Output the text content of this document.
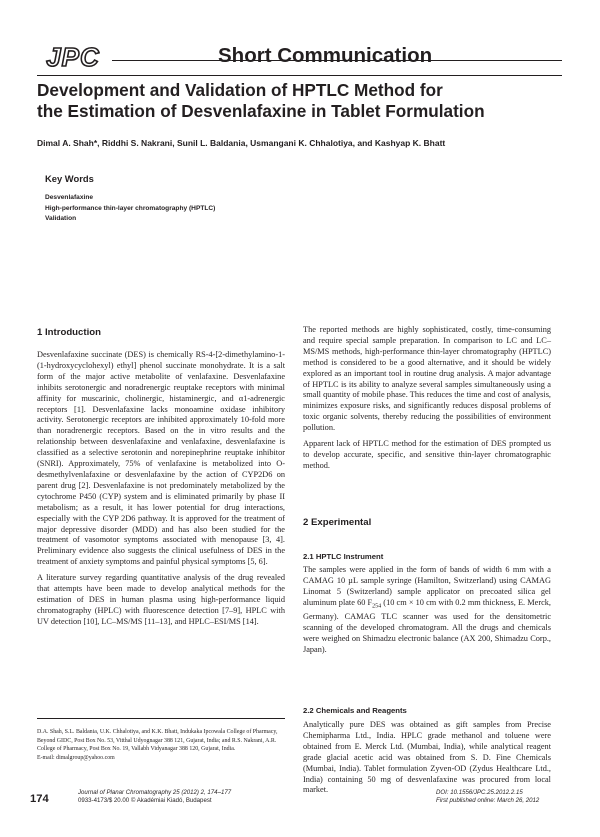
JPC	Short Communication
Development and Validation of HPTLC Method for
the Estimation of Desvenlafaxine in Tablet Formulation
Dimal A. Shah*, Riddhi S. Nakrani, Sunil L. Baldania, Usmangani K. Chhalotiya, and Kashyap K. Bhatt
Key Words
Desvenlafaxine
High-performance thin-layer chromatography (HPTLC)
Validation
1 Introduction

Desvenlafaxine succinate (DES) is chemically RS-4-[2-dimethylamino-1-(1-hydroxycyclohexyl) ethyl] phenol succinate monohydrate. It is a salt form of the major active metabolite of venlafaxine. Desvenlafaxine inhibits serotonergic and noradrenergic reuptake receptors with minimal affinity for muscarinic, cholinergic, histaminergic, and α1-adrenergic receptors [1]. Desvenlafaxine lacks monoamine oxidase inhibitory activity. Serotonergic receptors are inhibited approximately 10-fold more than noradrenergic receptors. Based on the in vitro results and the relationship between desvenlafaxine and venlafaxine, desvenlafaxine is classified as a selective serotonin and norepinephrine reuptake inhibitor (SNRI). Approximately, 75% of venlafaxine is metabolized into O-desmethylvenlafaxine or desvenlafaxine by the action of CYP2D6 on parent drug [2]. Desvenlafaxine is not predominately metabolized by the cytochrome P450 (CYP) system and is eliminated primarily by phase II metabolism; as a result, it has lower potential for drug interactions, especially with the CYP 2D6 pathway. It is approved for the treatment of major depressive disorder (MDD) and has also been studied for the treatment of vasomotor symptoms associated with menopause [3, 4]. Preliminary evidence also suggests the clinical usefulness of DES in the treatment of anxiety symptoms and painful physical symptoms [5, 6].

A literature survey regarding quantitative analysis of the drug revealed that attempts have been made to develop analytical methods for the estimation of DES in human plasma using high-performance liquid chromatography (HPLC) with fluorescence detection [7–9], HPLC with UV detection [10], LC–MS/MS [11–13], and HPLC–ESI/MS [14].

D.A. Shah, S.L. Baldania, U.K. Chhalotiya, and K.K. Bhatt, Indukaka Ipcowala College of Pharmacy, Beyond GIDC, Post Box No. 53, Vitthal Udyognagar 388 121, Gujarat, India; and R.S. Nakrani, A.R. College of Pharmacy, Post Box No. 19, Vallabh Vidyanagar 388 120, Gujarat, India.
E-mail: dimalgroup@yahoo.com

The reported methods are highly sophisticated, costly, time-consuming and require special sample preparation. In comparison to LC and LC–MS/MS methods, high-performance thin-layer chromatography (HPTLC) method is considered to be a good alternative, and it should be widely explored as an important tool in routine drug analysis. A major advantage of HPTLC is its ability to analyze several samples simultaneously using a small quantity of mobile phase. This reduces the time and cost of analysis, minimizes exposure risks, and significantly reduces disposal problems of toxic organic solvents, thereby reducing the possibilities of environment pollution.

Apparent lack of HPTLC method for the estimation of DES prompted us to develop accurate, specific, and sensitive thin-layer chromatographic method.

2 Experimental
2.1 HPTLC Instrument

The samples were applied in the form of bands of width 6 mm with a CAMAG 10 µL sample syringe (Hamilton, Switzerland) using CAMAG Linomat 5 (Switzerland) sample applicator on precoated silica gel aluminum plate 60 $F_{254}$ (10 cm × 10 cm with 0.2 mm thickness, E. Merck, Germany). CAMAG TLC scanner was used for the densitometric scanning of the developed chromatogram. All the drugs and chemicals were weighed on Shimadzu electronic balance (AX 200, Shimadzu Corp., Japan).

2.2 Chemicals and Reagents

Analytically pure DES was obtained as gift samples from Precise Chemipharma Ltd., India. HPLC grade methanol and toluene were obtained from E. Merck Ltd. (Mumbai, India), while analytical reagent grade glacial acetic acid was obtained from S. D. Fine Chemicals (Mumbai, India). Tablet formulation Zyven-OD (Zydus Healthcare Ltd., India) containing 50 mg of desvenlafaxine was procured from local market.

174
Journal of Planar Chromatography 25 (2012) 2, 174–177
0933-4173/$ 20.00 © Akadémiai Kiadó, Budapest
DOI: 10.1556/JPC.25.2012.2.15
First published online: March 26, 2012
